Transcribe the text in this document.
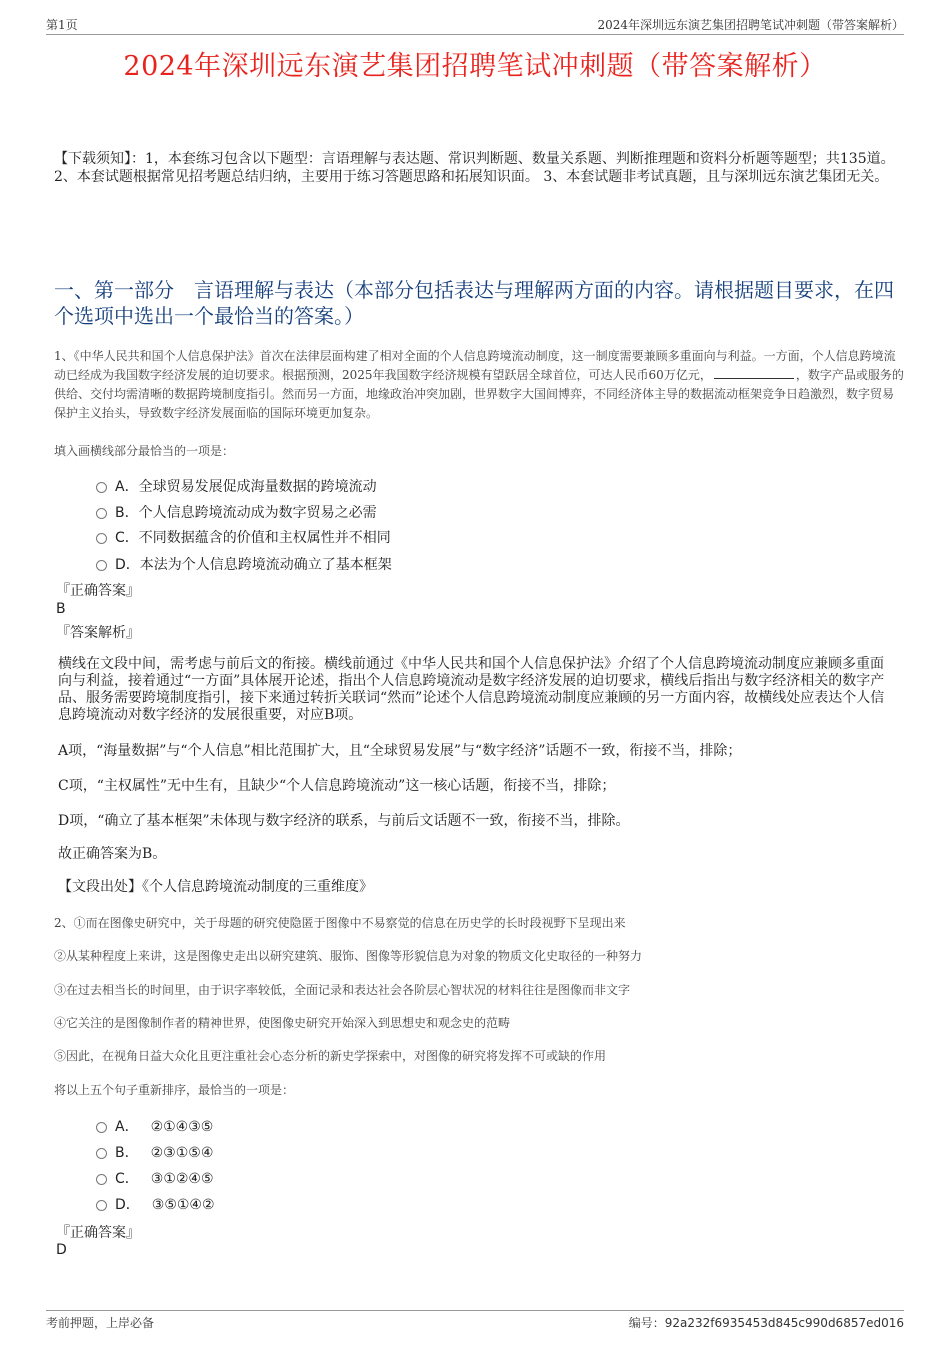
第1页	2024年深圳远东演艺集团招聘笔试冲刺题（带答案解析）
2024年深圳远东演艺集团招聘笔试冲刺题（带答案解析）
【下载须知】：1，本套练习包含以下题型：言语理解与表达题、常识判断题、数量关系题、判断推理题和资料分析题等题型；共135道。 2、本套试题根据常见招考题总结归纳，主要用于练习答题思路和拓展知识面。 3、本套试题非考试真题，且与深圳远东演艺集团无关。
一、第一部分　言语理解与表达（本部分包括表达与理解两方面的内容。请根据题目要求，在四个选项中选出一个最恰当的答案。）
1、《中华人民共和国个人信息保护法》首次在法律层面构建了相对全面的个人信息跨境流动制度，这一制度需要兼顾多重面向与利益。一方面，个人信息跨境流动已经成为我国数字经济发展的迫切要求。根据预测，2025年我国数字经济规模有望跃居全球首位，可达人民币60万亿元，	，数字产品或服务的供给、交付均需清晰的数据跨境制度指引。然而另一方面，地缘政治冲突加剧，世界数字大国间博弈，不同经济体主导的数据流动框架竞争日趋激烈，数字贸易保护主义抬头，导致数字经济发展面临的国际环境更加复杂。
填入画横线部分最恰当的一项是：
A．全球贸易发展促成海量数据的跨境流动
B．个人信息跨境流动成为数字贸易之必需
C．不同数据蕴含的价值和主权属性并不相同
D．本法为个人信息跨境流动确立了基本框架
『正确答案』
B
『答案解析』
横线在文段中间，需考虑与前后文的衔接。横线前通过《中华人民共和国个人信息保护法》介绍了个人信息跨境流动制度应兼顾多重面向与利益，接着通过“一方面”具体展开论述，指出个人信息跨境流动是数字经济发展的迫切要求，横线后指出与数字经济相关的数字产品、服务需要跨境制度指引，接下来通过转折关联词“然而”论述个人信息跨境流动制度应兼顾的另一方面内容，故横线处应表达个人信息跨境流动对数字经济的发展很重要，对应B项。
A项，“海量数据”与“个人信息”相比范围扩大，且“全球贸易发展”与“数字经济”话题不一致，衔接不当，排除；
C项，“主权属性”无中生有，且缺少“个人信息跨境流动”这一核心话题，衔接不当，排除；
D项，“确立了基本框架”未体现与数字经济的联系，与前后文话题不一致，衔接不当，排除。
故正确答案为B。
【文段出处】《个人信息跨境流动制度的三重维度》
2、①而在图像史研究中，关于母题的研究使隐匿于图像中不易察觉的信息在历史学的长时段视野下呈现出来
②从某种程度上来讲，这是图像史走出以研究建筑、服饰、图像等形貌信息为对象的物质文化史取径的一种努力
③在过去相当长的时间里，由于识字率较低，全面记录和表达社会各阶层心智状况的材料往往是图像而非文字
④它关注的是图像制作者的精神世界，使图像史研究开始深入到思想史和观念史的范畴
⑤因此，在视角日益大众化且更注重社会心态分析的新史学探索中，对图像的研究将发挥不可或缺的作用
将以上五个句子重新排序，最恰当的一项是：
A． ②①④③⑤
B． ②③①⑤④
C． ③①②④⑤
D． ③⑤①④②
『正确答案』
D
考前押题，上岸必备	编号：92a232f6935453d845c990d6857ed016
